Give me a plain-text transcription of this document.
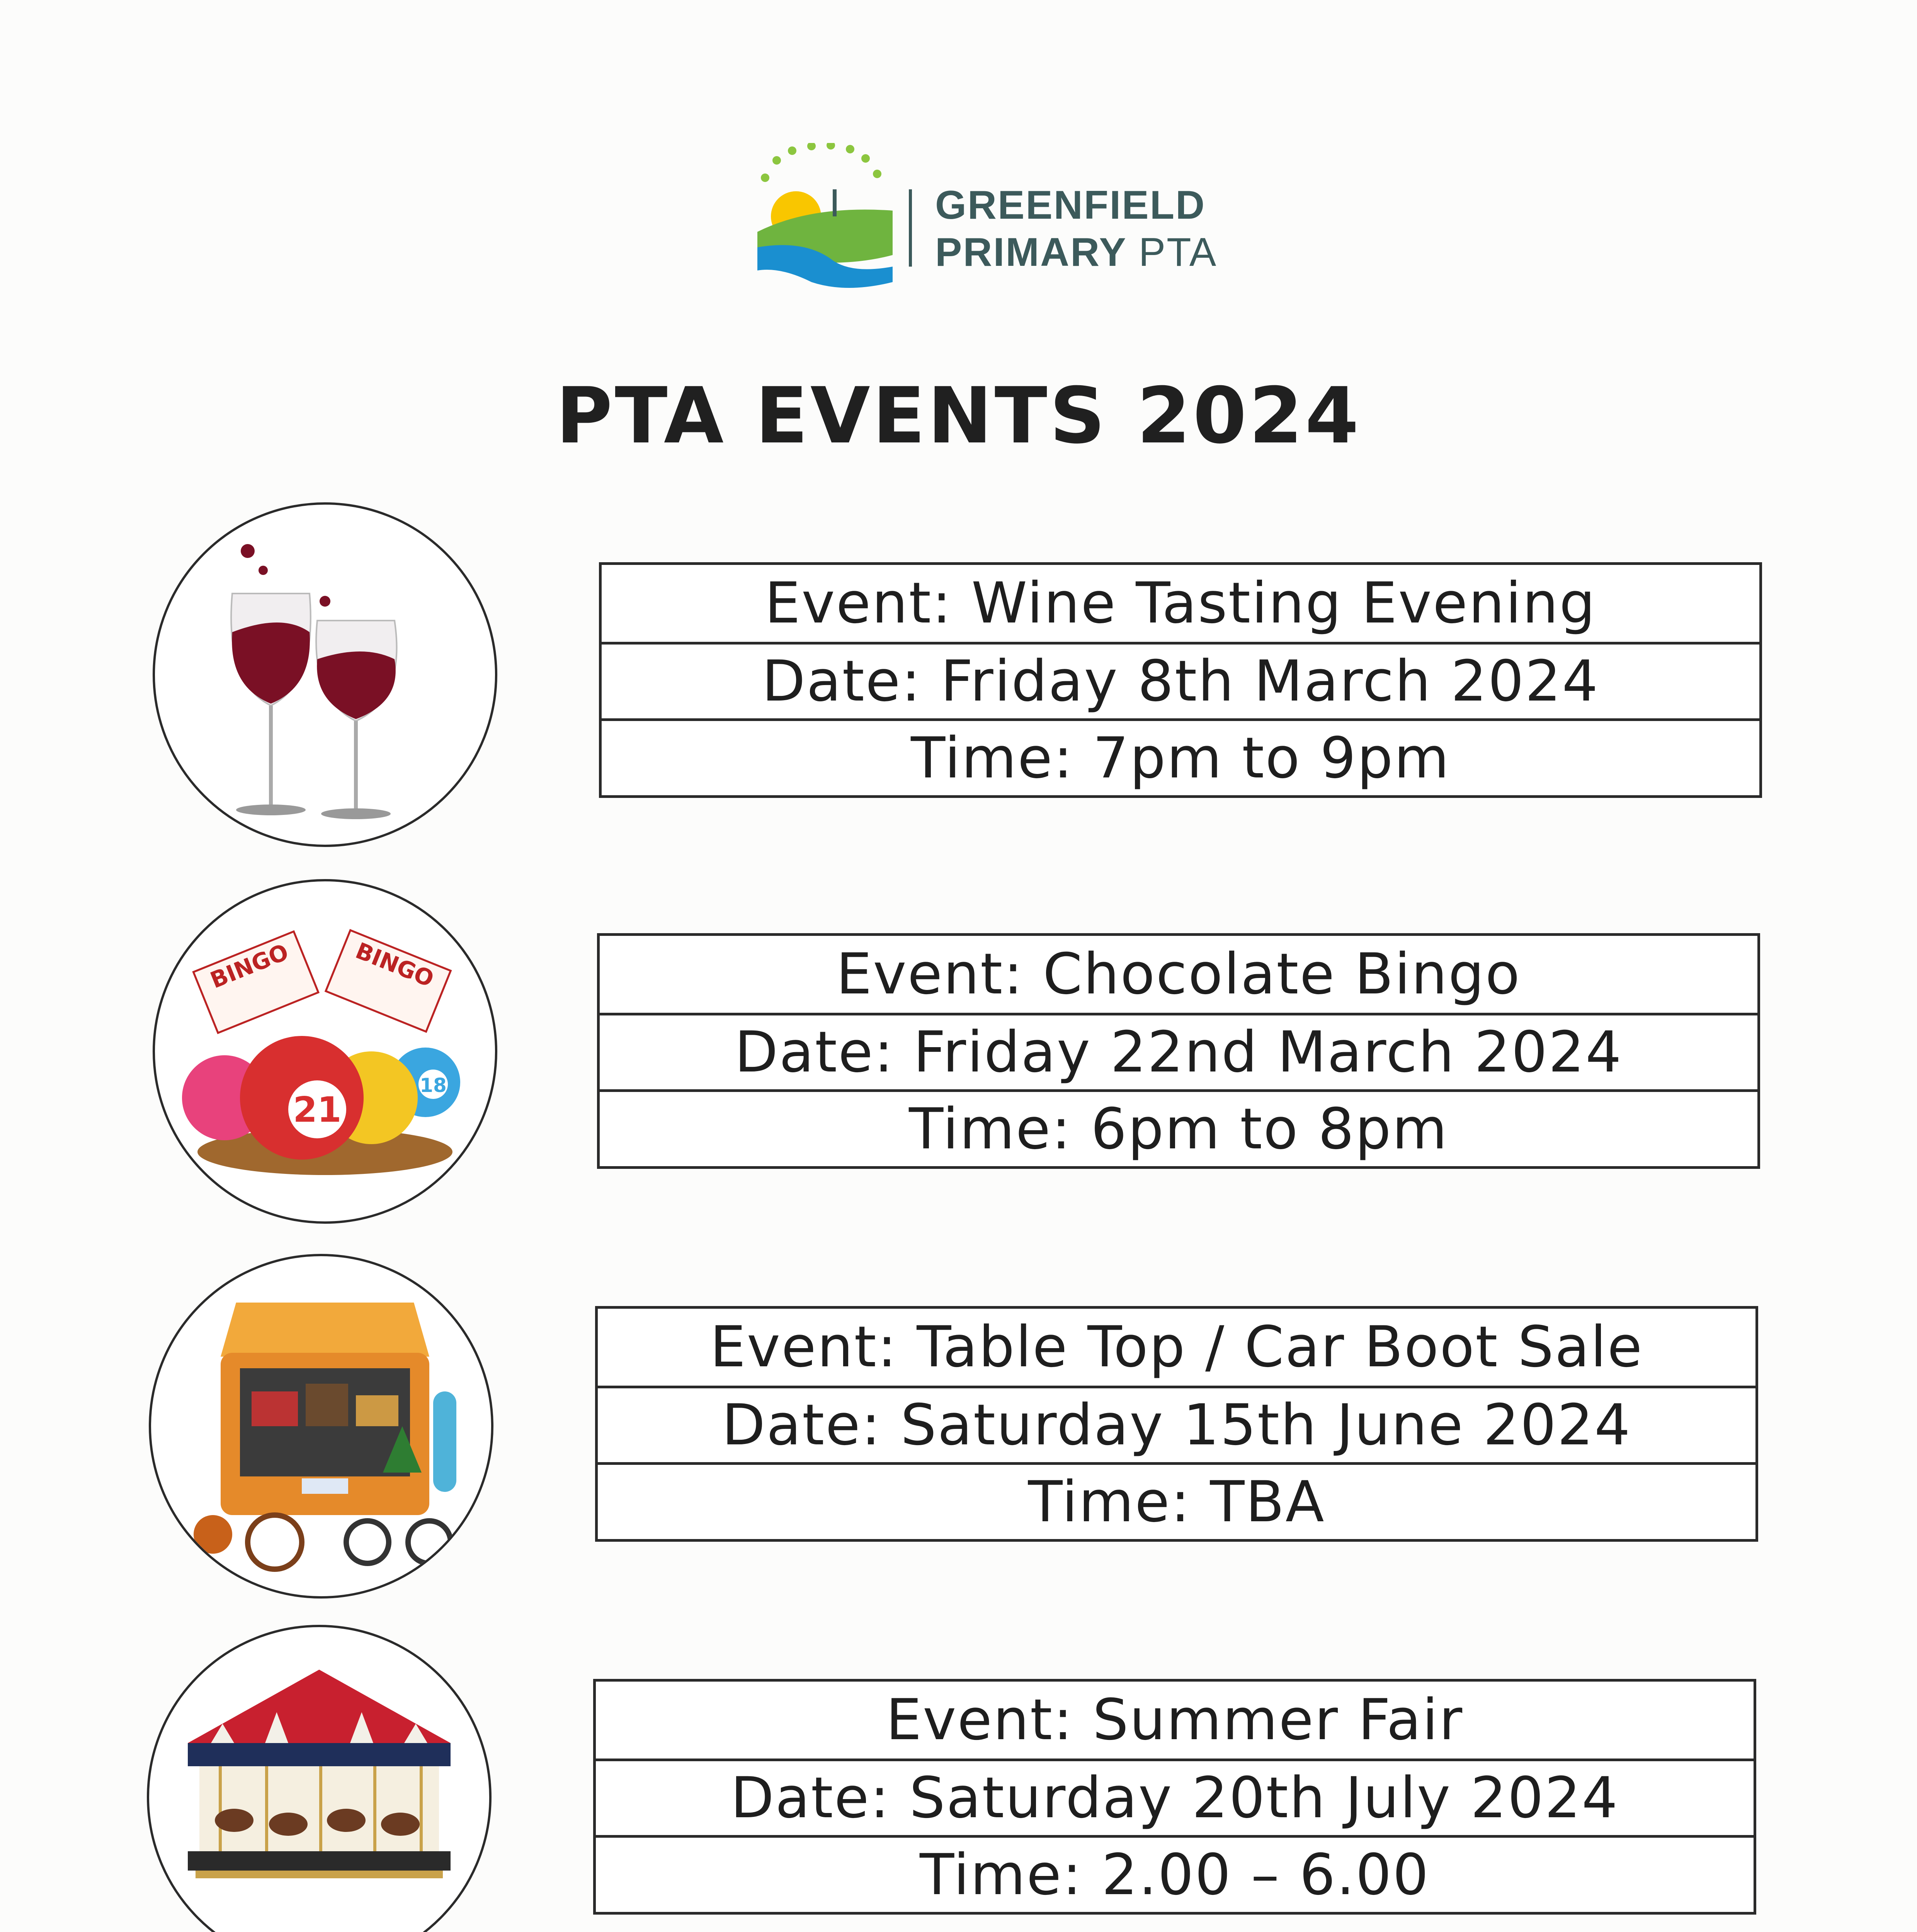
GREENFIELD
PRIMARY PTA
PTA EVENTS 2024
Event: Wine Tasting Evening
Date: Friday 8th March 2024
Time: 7pm to 9pm
BINGO	BINGO
21
18
Event: Chocolate Bingo
Date: Friday 22nd March 2024
Time: 6pm to 8pm
Event: Table Top / Car Boot Sale
Date: Saturday 15th June 2024
Time: TBA
Event: Summer Fair
Date: Saturday 20th July 2024
Time: 2.00 – 6.00
